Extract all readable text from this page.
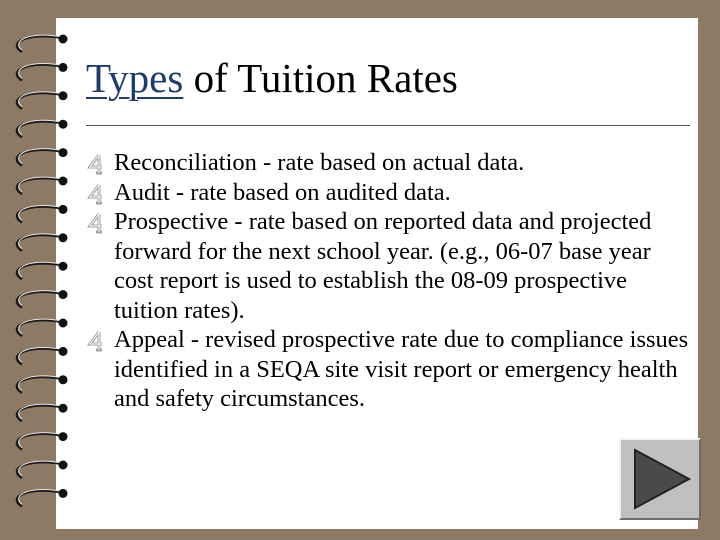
Types of Tuition Rates
Reconciliation - rate based on actual data.
Audit - rate based on audited data.
Prospective - rate based on reported data and projected forward for the next school year. (e.g., 06-07 base year cost report is used to establish the 08-09 prospective tuition rates).
Appeal - revised prospective rate due to compliance issues identified in a SEQA site visit report or emergency health and safety circumstances.
